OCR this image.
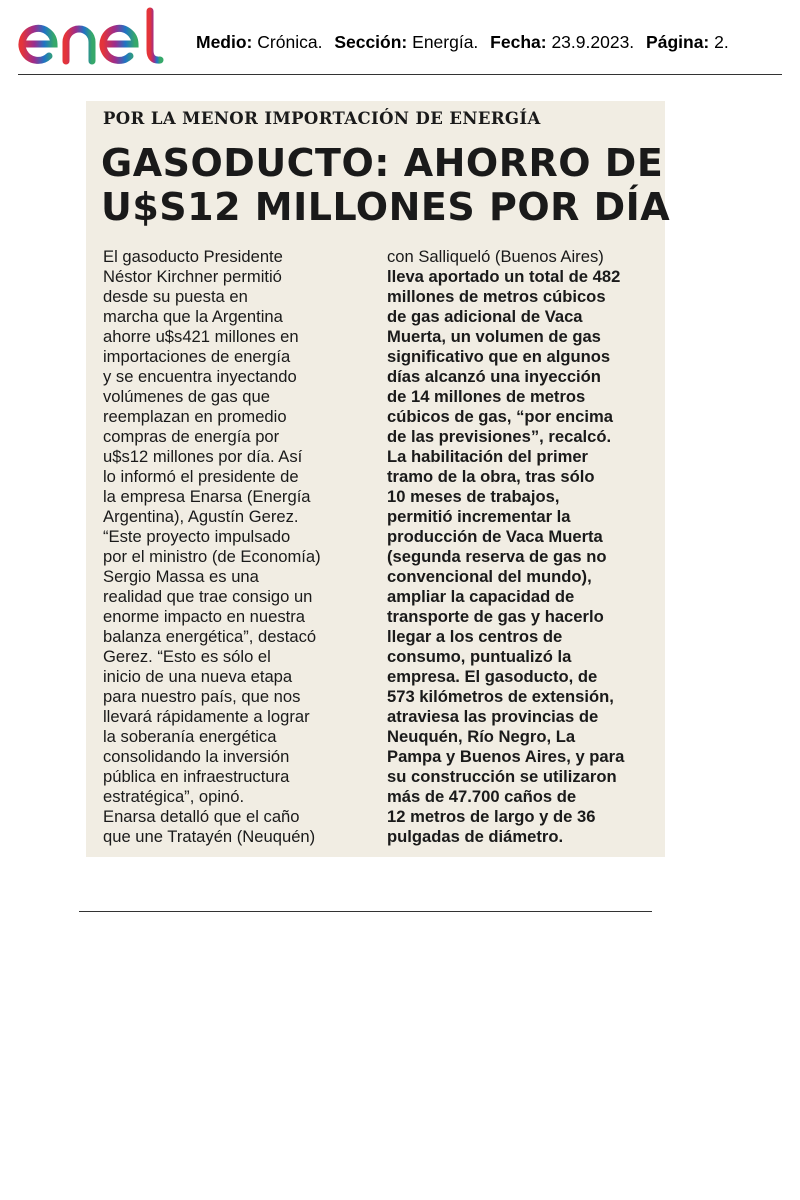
Medio: Crónica. Sección: Energía. Fecha: 23.9.2023. Página: 2.
POR LA MENOR IMPORTACIÓN DE ENERGÍA
GASODUCTO: AHORRO DE
U$S12 MILLONES POR DÍA
El gasoducto Presidente
Néstor Kirchner permitió
desde su puesta en
marcha que la Argentina
ahorre u$s421 millones en
importaciones de energía
y se encuentra inyectando
volúmenes de gas que
reemplazan en promedio
compras de energía por
u$s12 millones por día. Así
lo informó el presidente de
la empresa Enarsa (Energía
Argentina), Agustín Gerez.
“Este proyecto impulsado
por el ministro (de Economía)
Sergio Massa es una
realidad que trae consigo un
enorme impacto en nuestra
balanza energética”, destacó
Gerez. “Esto es sólo el
inicio de una nueva etapa
para nuestro país, que nos
llevará rápidamente a lograr
la soberanía energética
consolidando la inversión
pública en infraestructura
estratégica”, opinó.
Enarsa detalló que el caño
que une Tratayén (Neuquén)
con Salliqueló (Buenos Aires)
lleva aportado un total de 482
millones de metros cúbicos
de gas adicional de Vaca
Muerta, un volumen de gas
significativo que en algunos
días alcanzó una inyección
de 14 millones de metros
cúbicos de gas, “por encima
de las previsiones”, recalcó.
La habilitación del primer
tramo de la obra, tras sólo
10 meses de trabajos,
permitió incrementar la
producción de Vaca Muerta
(segunda reserva de gas no
convencional del mundo),
ampliar la capacidad de
transporte de gas y hacerlo
llegar a los centros de
consumo, puntualizó la
empresa. El gasoducto, de
573 kilómetros de extensión,
atraviesa las provincias de
Neuquén, Río Negro, La
Pampa y Buenos Aires, y para
su construcción se utilizaron
más de 47.700 caños de
12 metros de largo y de 36
pulgadas de diámetro.
